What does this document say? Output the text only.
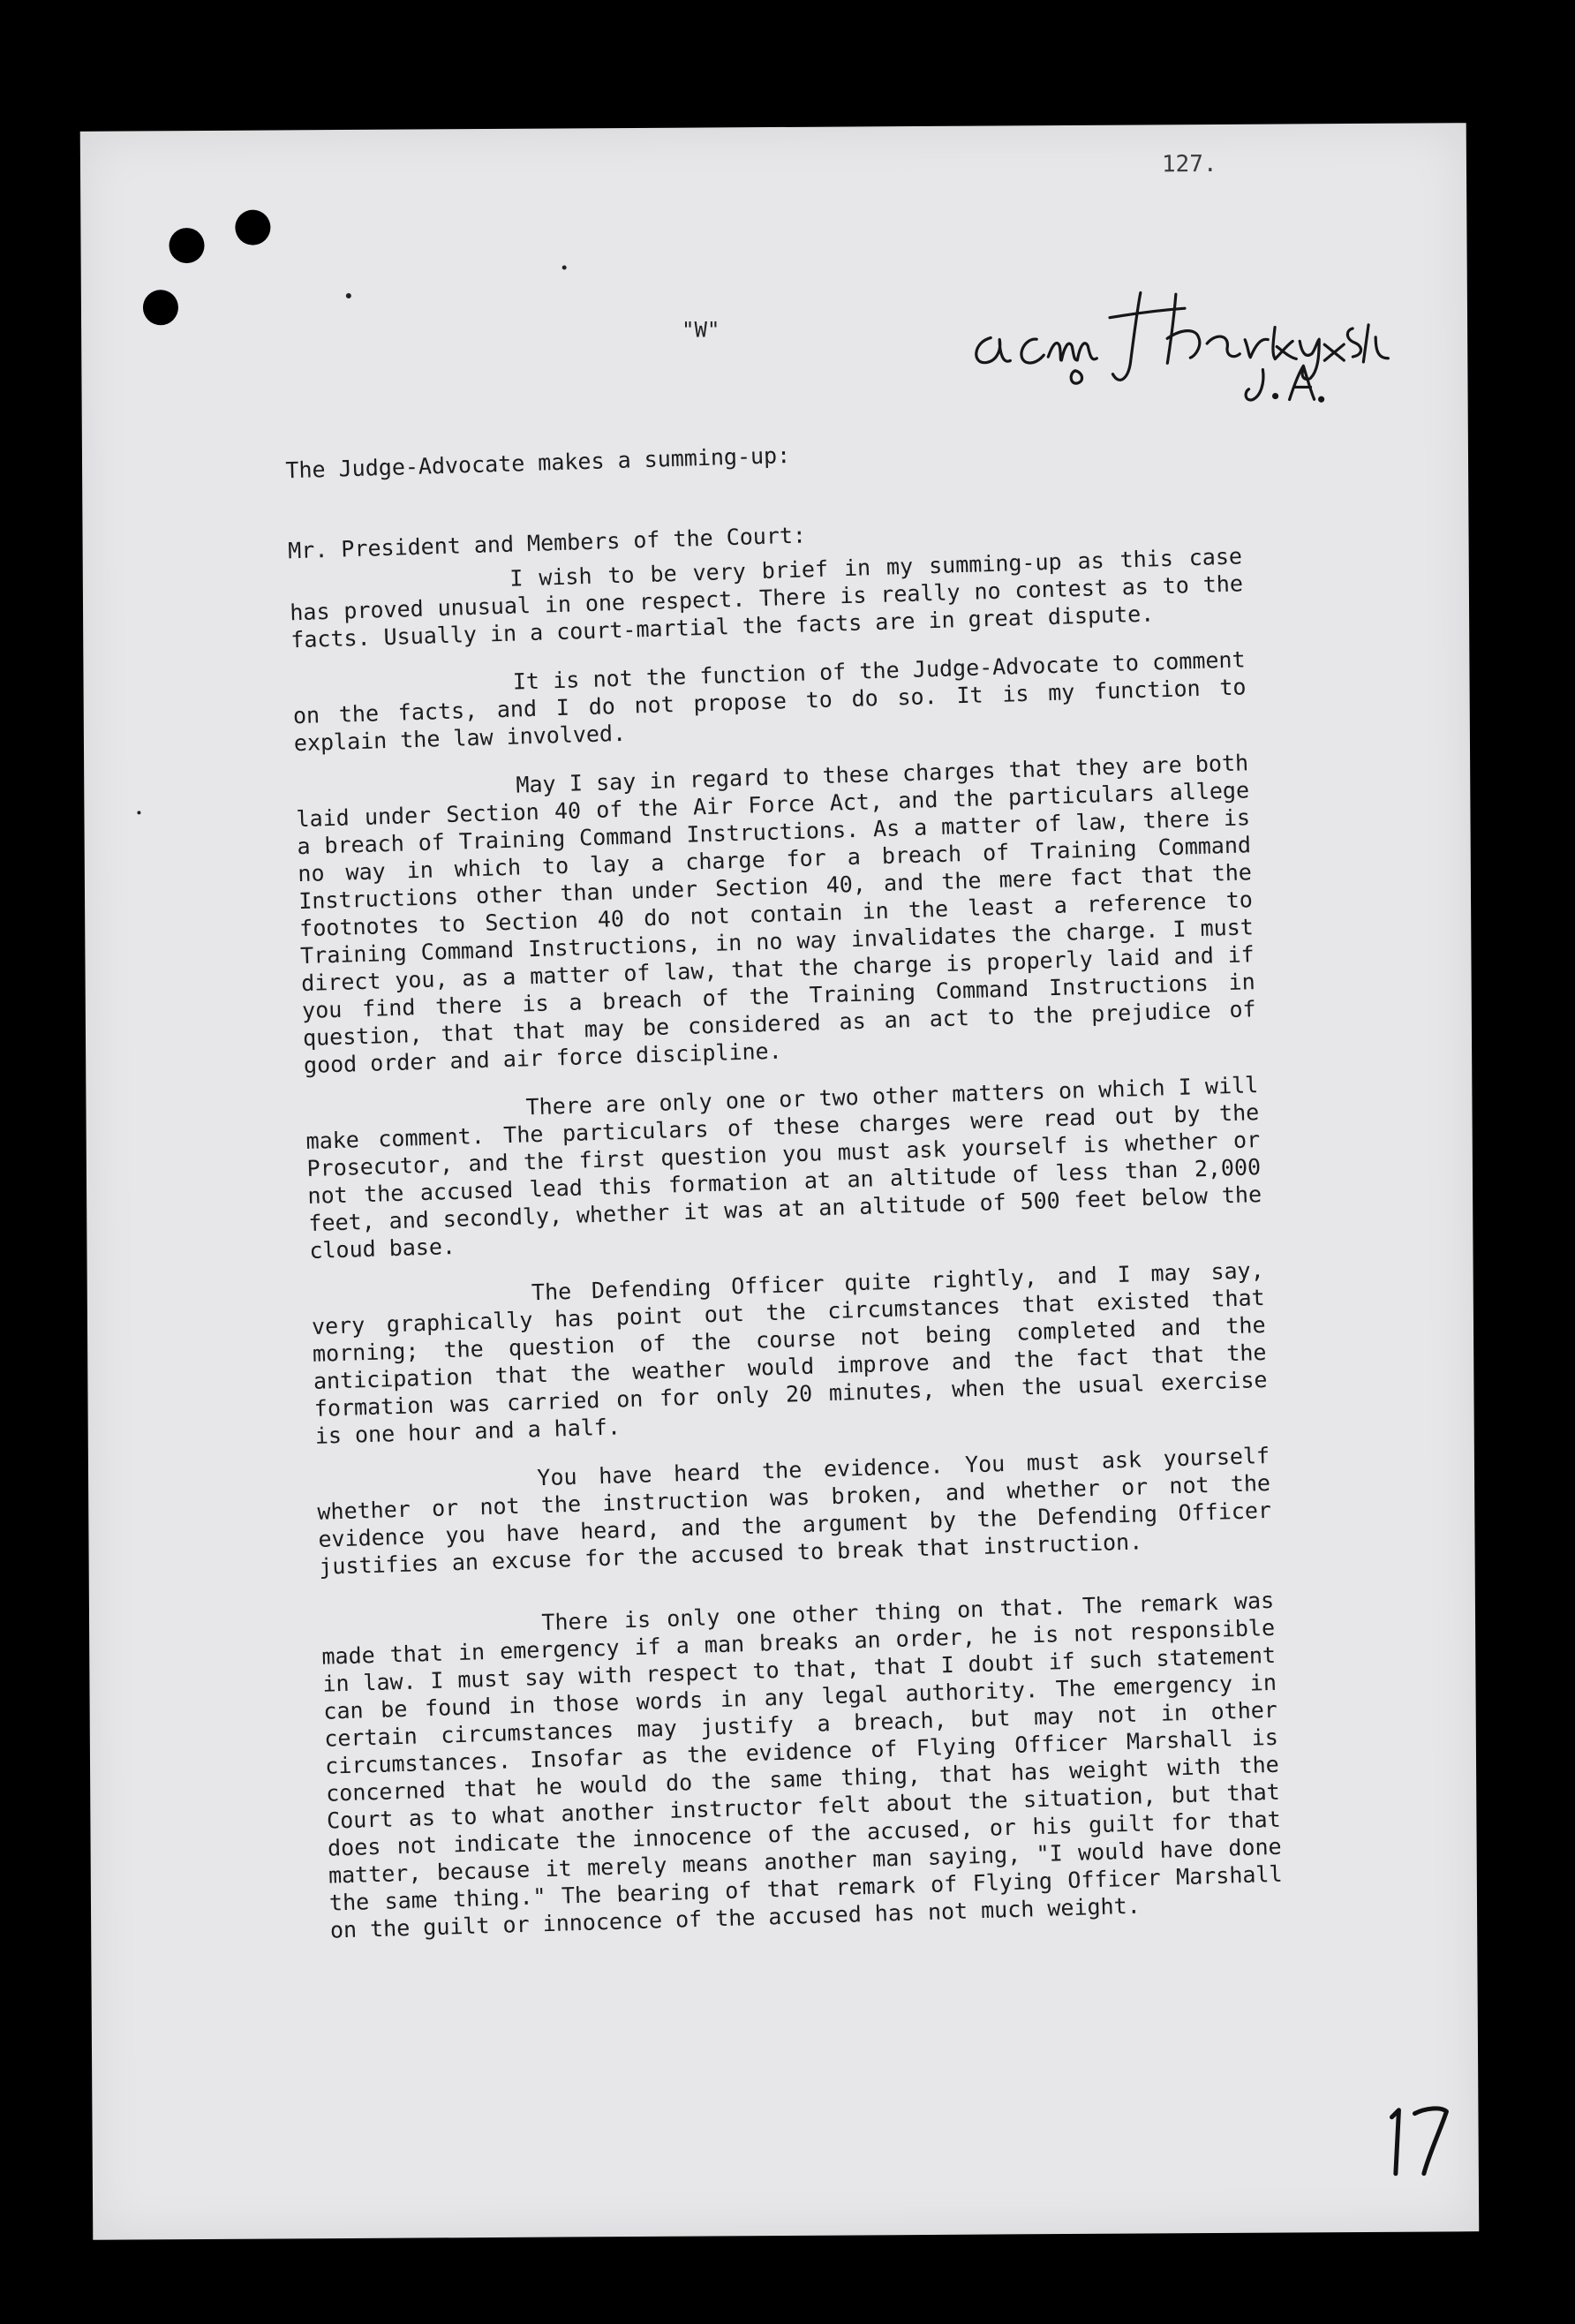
127.
"W"

The Judge-Advocate makes a summing-up:

Mr. President and Members of the Court:

I wish to be very brief in my summing-up as this case has proved unusual in one respect. There is really no contest as to the facts. Usually in a court-martial the facts are in great dispute.

It is not the function of the Judge-Advocate to comment on the facts, and I do not propose to do so. It is my function to explain the law involved.

May I say in regard to these charges that they are both laid under Section 40 of the Air Force Act, and the particulars allege a breach of Training Command Instructions. As a matter of law, there is no way in which to lay a charge for a breach of Training Command Instructions other than under Section 40, and the mere fact that the footnotes to Section 40 do not contain in the least a reference to Training Command Instructions, in no way invalidates the charge. I must direct you, as a matter of law, that the charge is properly laid and if you find there is a breach of the Training Command Instructions in question, that that may be considered as an act to the prejudice of good order and air force discipline.

There are only one or two other matters on which I will make comment. The particulars of these charges were read out by the Prosecutor, and the first question you must ask yourself is whether or not the accused lead this formation at an altitude of less than 2,000 feet, and secondly, whether it was at an altitude of 500 feet below the cloud base.

The Defending Officer quite rightly, and I may say, very graphically has point out the circumstances that existed that morning; the question of the course not being completed and the anticipation that the weather would improve and the fact that the formation was carried on for only 20 minutes, when the usual exercise is one hour and a half.

You have heard the evidence. You must ask yourself whether or not the instruction was broken, and whether or not the evidence you have heard, and the argument by the Defending Officer justifies an excuse for the accused to break that instruction.

There is only one other thing on that. The remark was made that in emergency if a man breaks an order, he is not responsible in law. I must say with respect to that, that I doubt if such statement can be found in those words in any legal authority. The emergency in certain circumstances may justify a breach, but may not in other circumstances. Insofar as the evidence of Flying Officer Marshall is concerned that he would do the same thing, that has weight with the Court as to what another instructor felt about the situation, but that does not indicate the innocence of the accused, or his guilt for that matter, because it merely means another man saying, "I would have done the same thing." The bearing of that remark of Flying Officer Marshall on the guilt or innocence of the accused has not much weight.
